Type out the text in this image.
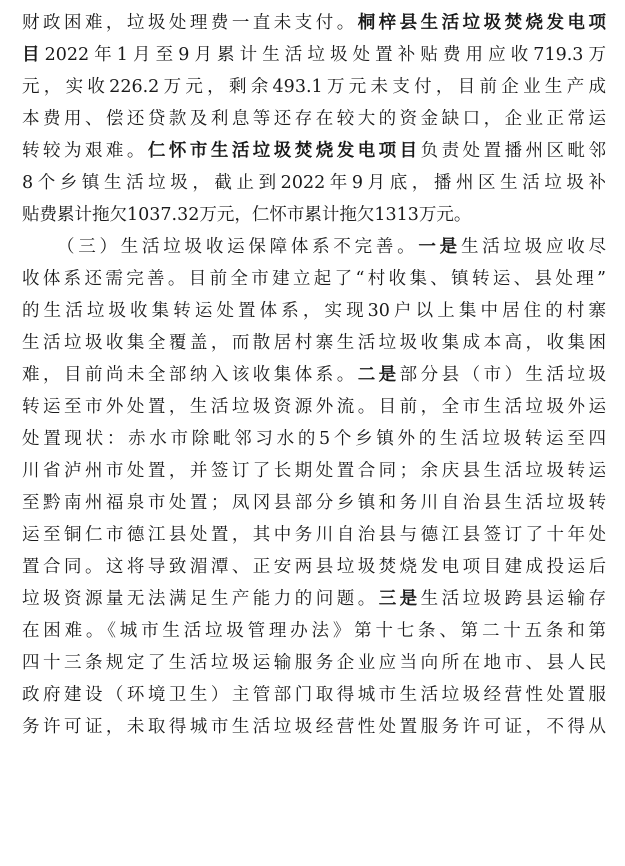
财政困难，垃圾处理费一直未支付。桐梓县生活垃圾焚烧发电项
目2022年1月至9月累计生活垃圾处置补贴费用应收719.3万
元，实收226.2万元，剩余493.1万元未支付，目前企业生产成
本费用、偿还贷款及利息等还存在较大的资金缺口，企业正常运
转较为艰难。仁怀市生活垃圾焚烧发电项目负责处置播州区毗邻
8个乡镇生活垃圾，截止到2022年9月底，播州区生活垃圾补
贴费累计拖欠1037.32万元，仁怀市累计拖欠1313万元。
（三）生活垃圾收运保障体系不完善。一是生活垃圾应收尽
收体系还需完善。目前全市建立起了“村收集、镇转运、县处理”
的生活垃圾收集转运处置体系，实现30户以上集中居住的村寨
生活垃圾收集全覆盖，而散居村寨生活垃圾收集成本高，收集困
难，目前尚未全部纳入该收集体系。二是部分县（市）生活垃圾
转运至市外处置，生活垃圾资源外流。目前，全市生活垃圾外运
处置现状：赤水市除毗邻习水的5个乡镇外的生活垃圾转运至四
川省泸州市处置，并签订了长期处置合同；余庆县生活垃圾转运
至黔南州福泉市处置；凤冈县部分乡镇和务川自治县生活垃圾转
运至铜仁市德江县处置，其中务川自治县与德江县签订了十年处
置合同。这将导致湄潭、正安两县垃圾焚烧发电项目建成投运后
垃圾资源量无法满足生产能力的问题。三是生活垃圾跨县运输存
在困难。《城市生活垃圾管理办法》第十七条、第二十五条和第
四十三条规定了生活垃圾运输服务企业应当向所在地市、县人民
政府建设（环境卫生）主管部门取得城市生活垃圾经营性处置服
务许可证，未取得城市生活垃圾经营性处置服务许可证，不得从
